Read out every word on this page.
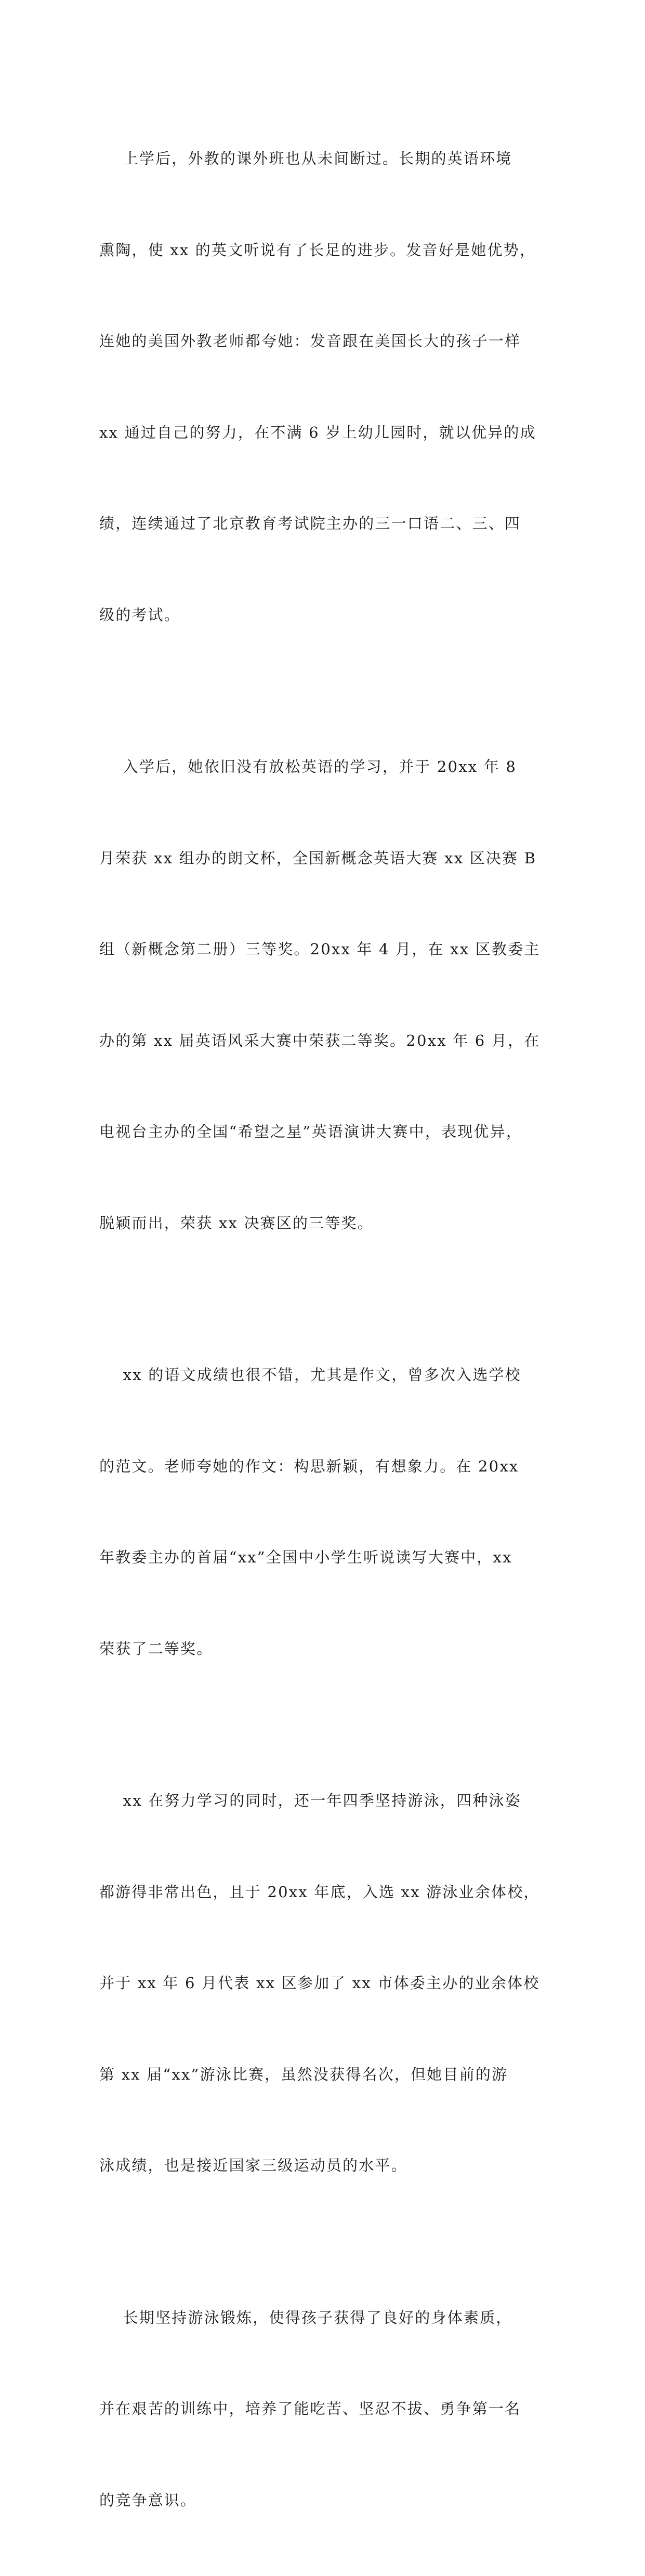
上学后，外教的课外班也从未间断过。长期的英语环境

熏陶，使 xx 的英文听说有了长足的进步。发音好是她优势，

连她的美国外教老师都夸她：发音跟在美国长大的孩子一样

xx 通过自己的努力，在不满 6 岁上幼儿园时，就以优异的成

绩，连续通过了北京教育考试院主办的三一口语二、三、四

级的考试。

入学后，她依旧没有放松英语的学习，并于 20xx 年 8

月荣获 xx 组办的朗文杯，全国新概念英语大赛 xx 区决赛 B

组（新概念第二册）三等奖。20xx 年 4 月，在 xx 区教委主

办的第 xx 届英语风采大赛中荣获二等奖。20xx 年 6 月，在

电视台主办的全国“希望之星”英语演讲大赛中，表现优异，

脱颖而出，荣获 xx 决赛区的三等奖。

xx 的语文成绩也很不错，尤其是作文，曾多次入选学校

的范文。老师夸她的作文：构思新颖，有想象力。在 20xx

年教委主办的首届“xx”全国中小学生听说读写大赛中，xx

荣获了二等奖。

xx 在努力学习的同时，还一年四季坚持游泳，四种泳姿

都游得非常出色，且于 20xx 年底，入选 xx 游泳业余体校，

并于 xx 年 6 月代表 xx 区参加了 xx 市体委主办的业余体校

第 xx 届“xx”游泳比赛，虽然没获得名次，但她目前的游

泳成绩，也是接近国家三级运动员的水平。

长期坚持游泳锻炼，使得孩子获得了良好的身体素质，

并在艰苦的训练中，培养了能吃苦、坚忍不拔、勇争第一名

的竞争意识。
